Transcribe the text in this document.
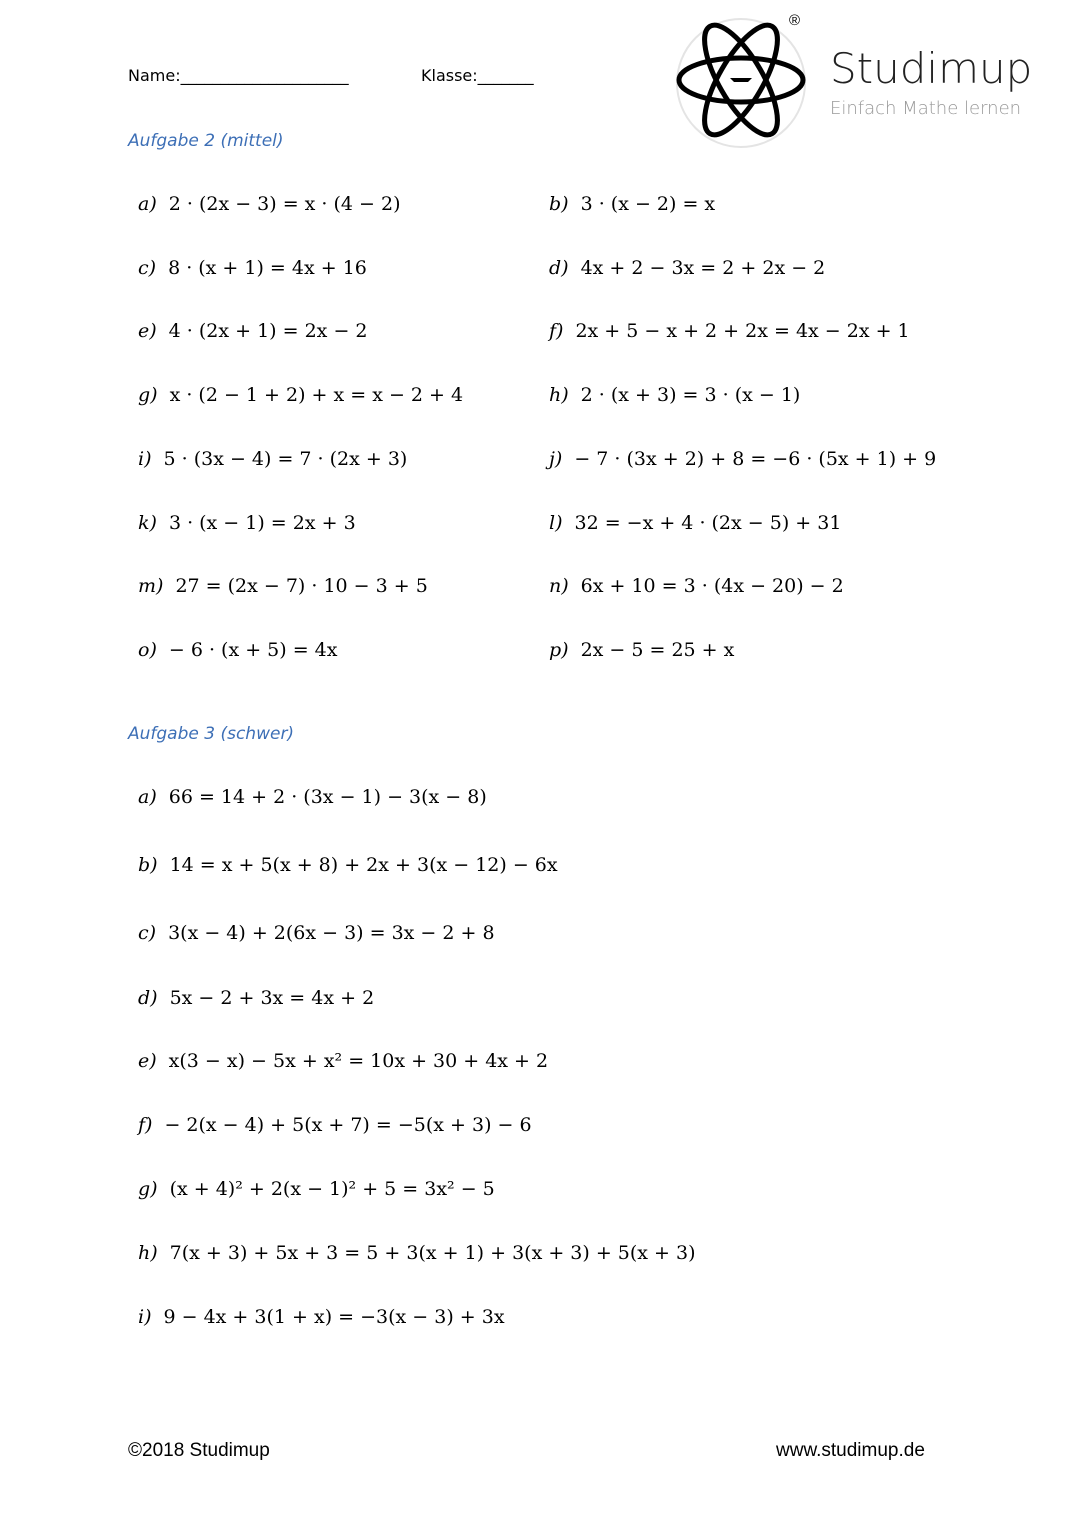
Name:_____________________	Klasse:_______
®
Studimup
Einfach Mathe lernen
Aufgabe 2 (mittel)
a) 2 · (2x − 3) = x · (4 − 2)	b) 3 · (x − 2) = x
c) 8 · (x + 1) = 4x + 16	d) 4x + 2 − 3x = 2 + 2x − 2
e) 4 · (2x + 1) = 2x − 2	f) 2x + 5 − x + 2 + 2x = 4x − 2x + 1
g) x · (2 − 1 + 2) + x = x − 2 + 4	h) 2 · (x + 3) = 3 · (x − 1)
i) 5 · (3x − 4) = 7 · (2x + 3)	j) − 7 · (3x + 2) + 8 = −6 · (5x + 1) + 9
k) 3 · (x − 1) = 2x + 3	l) 32 = −x + 4 · (2x − 5) + 31
m) 27 = (2x − 7) · 10 − 3 + 5	n) 6x + 10 = 3 · (4x − 20) − 2
o) − 6 · (x + 5) = 4x	p) 2x − 5 = 25 + x
Aufgabe 3 (schwer)
a) 66 = 14 + 2 · (3x − 1) − 3(x − 8)
b) 14 = x + 5(x + 8) + 2x + 3(x − 12) − 6x
c) 3(x − 4) + 2(6x − 3) = 3x − 2 + 8
d) 5x − 2 + 3x = 4x + 2
e) x(3 − x) − 5x + x² = 10x + 30 + 4x + 2
f) − 2(x − 4) + 5(x + 7) = −5(x + 3) − 6
g) (x + 4)² + 2(x − 1)² + 5 = 3x² − 5
h) 7(x + 3) + 5x + 3 = 5 + 3(x + 1) + 3(x + 3) + 5(x + 3)
i) 9 − 4x + 3(1 + x) = −3(x − 3) + 3x
©2018 Studimup	www.studimup.de
